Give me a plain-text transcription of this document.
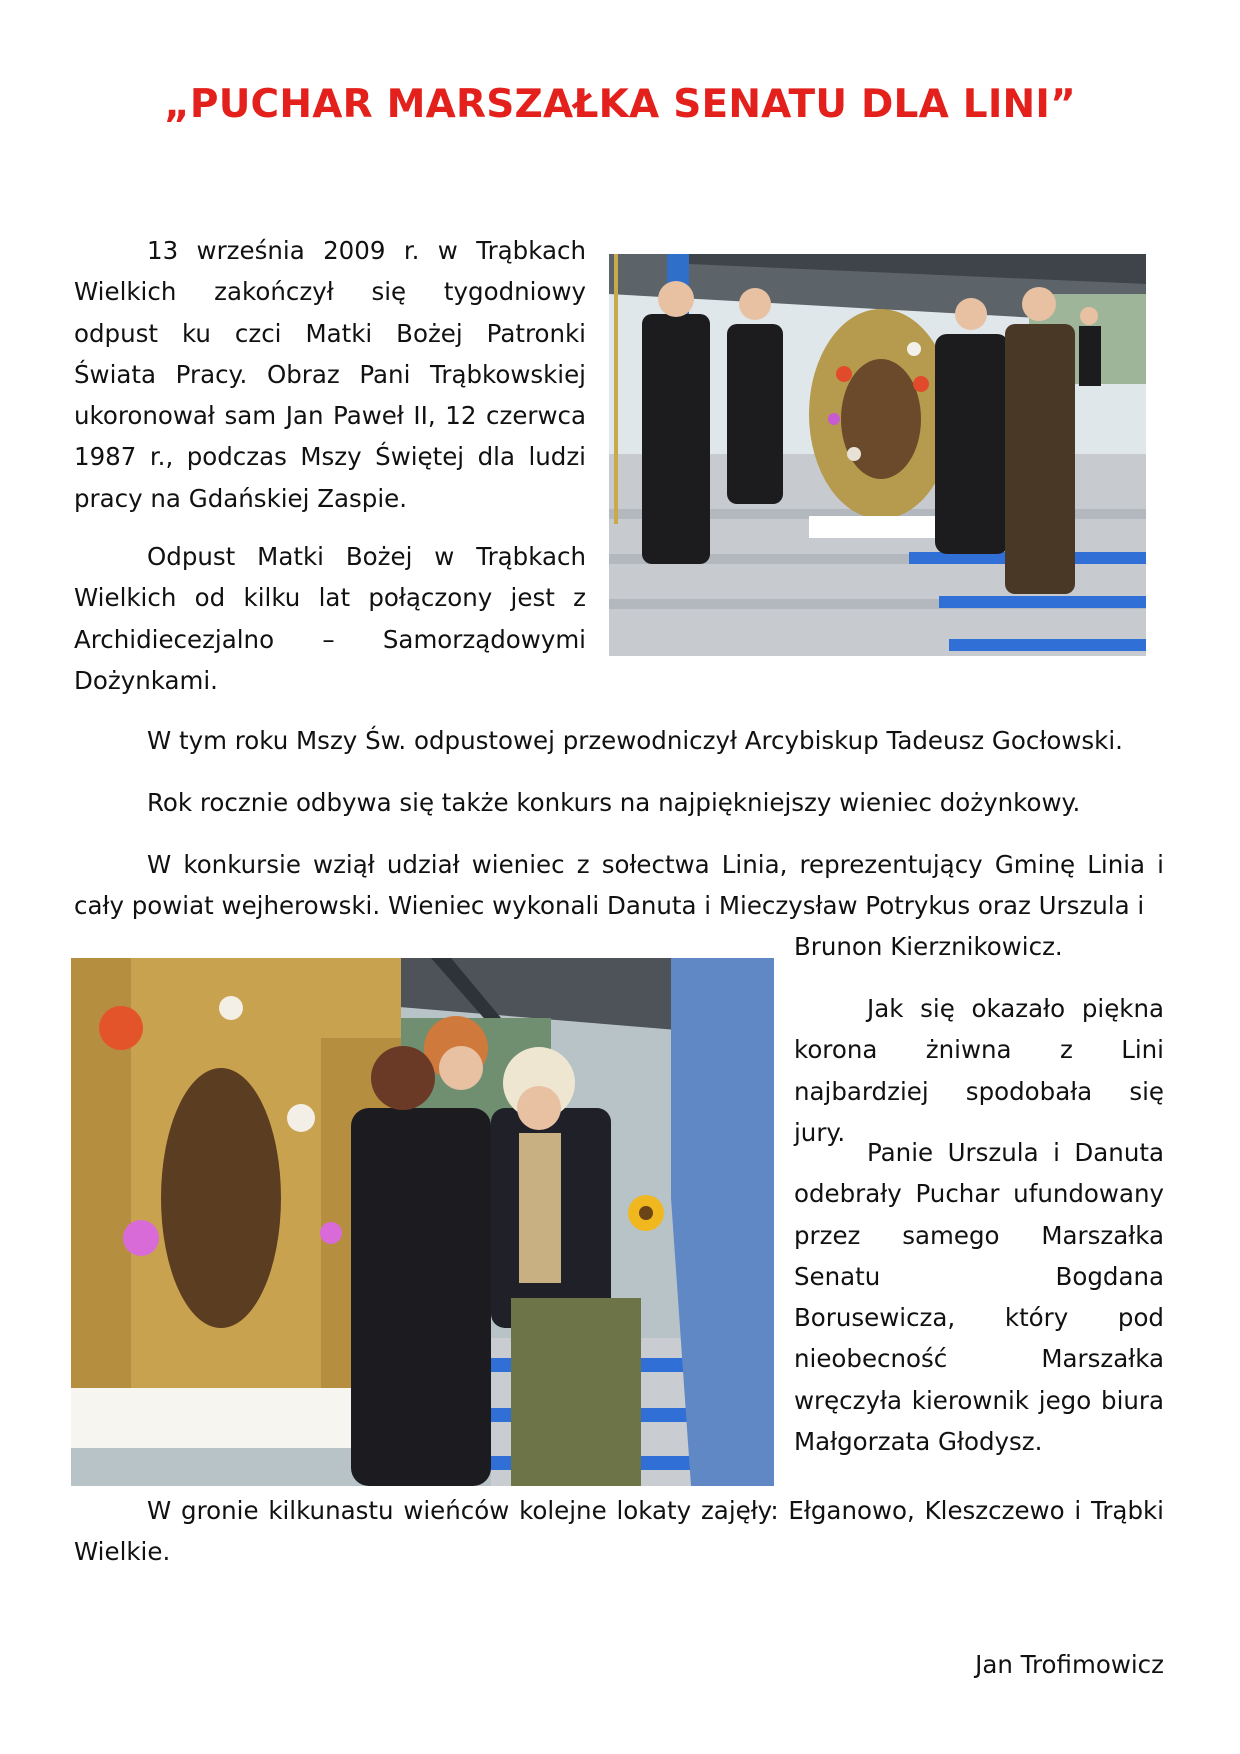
„PUCHAR MARSZAŁKA SENATU DLA LINI”

13 września 2009 r. w Trąbkach Wielkich zakończył się tygodniowy odpust ku czci Matki Bożej Patronki Świata Pracy. Obraz Pani Trąbkowskiej ukoronował sam Jan Paweł II, 12 czerwca 1987 r., podczas Mszy Świętej dla ludzi pracy na Gdańskiej Zaspie.

Odpust Matki Bożej w Trąbkach Wielkich od kilku lat połączony jest z Archidiecezjalno – Samorządowymi Dożynkami.

W tym roku Mszy Św. odpustowej przewodniczył Arcybiskup Tadeusz Gocłowski.

Rok rocznie odbywa się także konkurs na najpiękniejszy wieniec dożynkowy.

W konkursie wziął udział wieniec z sołectwa Linia, reprezentujący Gminę Linia i cały powiat wejherowski. Wieniec wykonali Danuta i Mieczysław Potrykus oraz Urszula i

Brunon Kierznikowicz.

Jak się okazało piękna korona żniwna z Lini najbardziej spodobała się jury.

Panie Urszula i Danuta odebrały Puchar ufundowany przez samego Marszałka Senatu Bogdana Borusewicza, który pod nieobecność Marszałka wręczyła kierownik jego biura Małgorzata Głodysz.

W gronie kilkunastu wieńców kolejne lokaty zajęły: Ełganowo, Kleszczewo i Trąbki Wielkie.

Jan Trofimowicz
